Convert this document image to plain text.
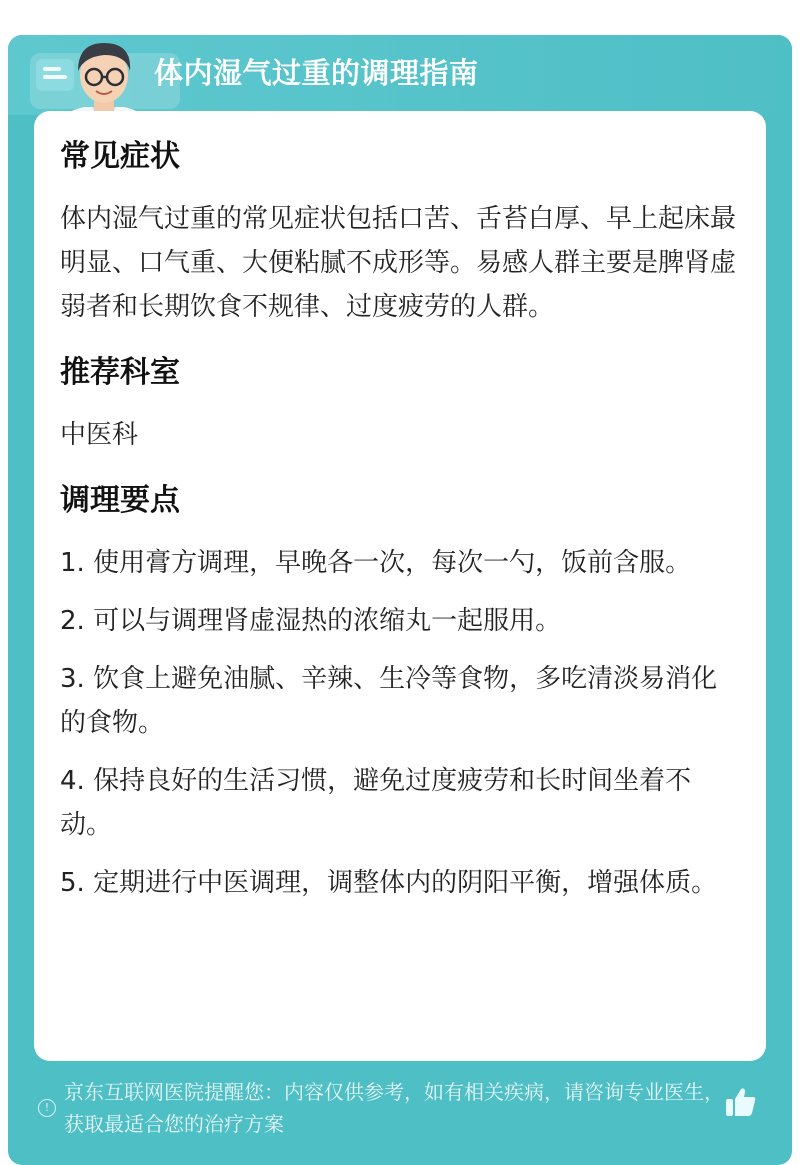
体内湿气过重的调理指南
常见症状
体内湿气过重的常见症状包括口苦、舌苔白厚、早上起床最明显、口气重、大便粘腻不成形等。易感人群主要是脾肾虚弱者和长期饮食不规律、过度疲劳的人群。
推荐科室
中医科
调理要点
1. 使用膏方调理，早晚各一次，每次一勺，饭前含服。
2. 可以与调理肾虚湿热的浓缩丸一起服用。
3. 饮食上避免油腻、辛辣、生冷等食物，多吃清淡易消化的食物。
4. 保持良好的生活习惯，避免过度疲劳和长时间坐着不动。
5. 定期进行中医调理，调整体内的阴阳平衡，增强体质。
!
京东互联网医院提醒您：内容仅供参考，如有相关疾病，请咨询专业医生，获取最适合您的治疗方案
